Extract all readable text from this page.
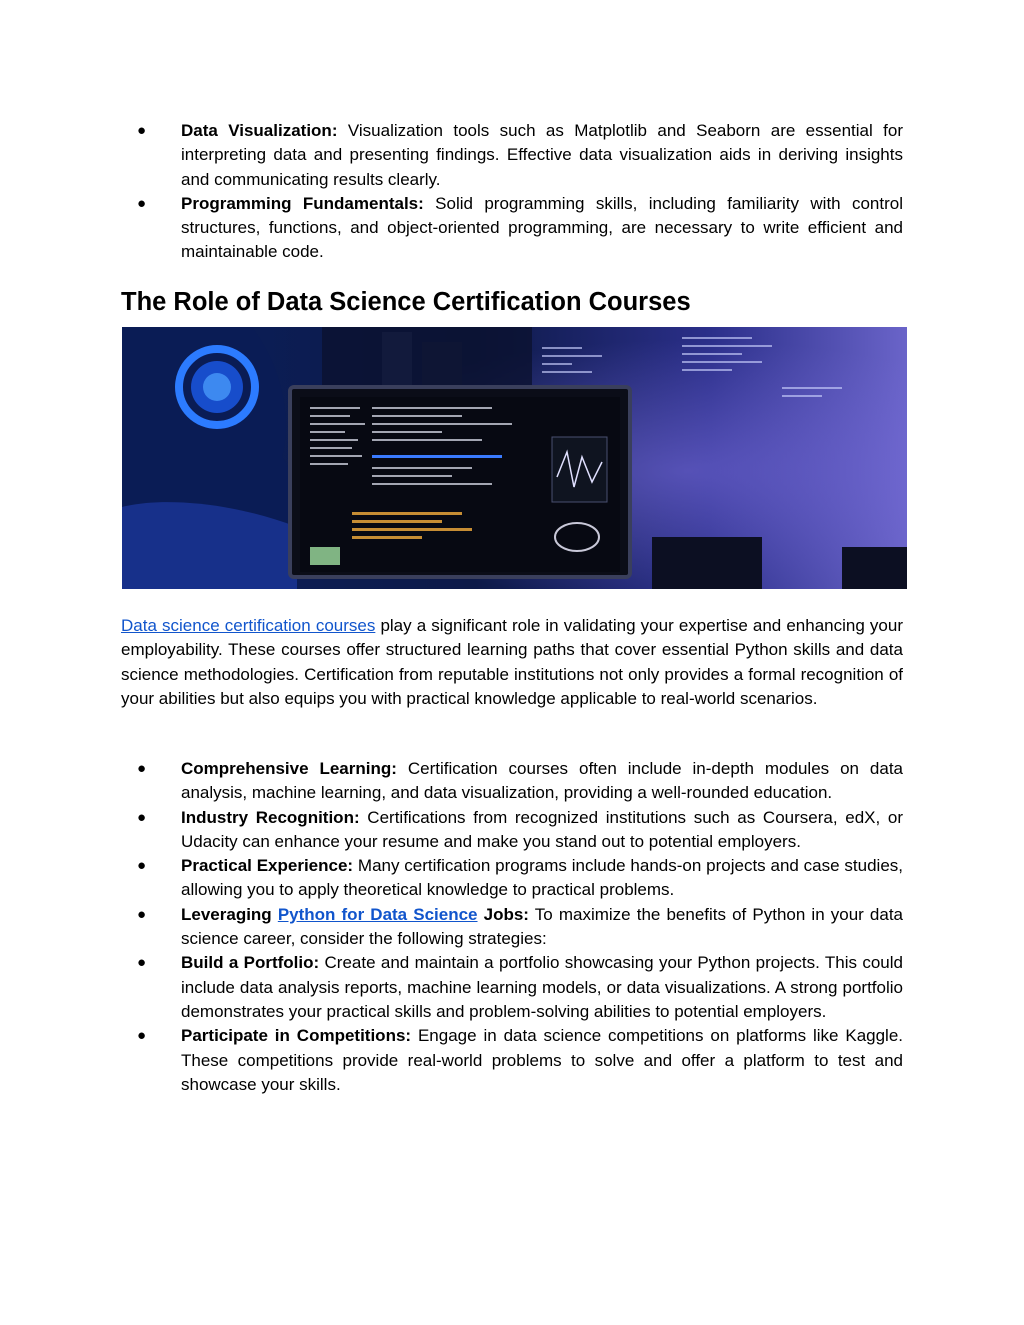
● Data Visualization: Visualization tools such as Matplotlib and Seaborn are essential for interpreting data and presenting findings. Effective data visualization aids in deriving insights and communicating results clearly.
● Programming Fundamentals: Solid programming skills, including familiarity with control structures, functions, and object-oriented programming, are necessary to write efficient and maintainable code.
The Role of Data Science Certification Courses

Data science certification courses play a significant role in validating your expertise and enhancing your employability. These courses offer structured learning paths that cover essential Python skills and data science methodologies. Certification from reputable institutions not only provides a formal recognition of your abilities but also equips you with practical knowledge applicable to real-world scenarios.

● Comprehensive Learning: Certification courses often include in-depth modules on data analysis, machine learning, and data visualization, providing a well-rounded education.
● Industry Recognition: Certifications from recognized institutions such as Coursera, edX, or Udacity can enhance your resume and make you stand out to potential employers.
● Practical Experience: Many certification programs include hands-on projects and case studies, allowing you to apply theoretical knowledge to practical problems.
● Leveraging Python for Data Science Jobs: To maximize the benefits of Python in your data science career, consider the following strategies:
● Build a Portfolio: Create and maintain a portfolio showcasing your Python projects. This could include data analysis reports, machine learning models, or data visualizations. A strong portfolio demonstrates your practical skills and problem-solving abilities to potential employers.
● Participate in Competitions: Engage in data science competitions on platforms like Kaggle. These competitions provide real-world problems to solve and offer a platform to test and showcase your skills.
